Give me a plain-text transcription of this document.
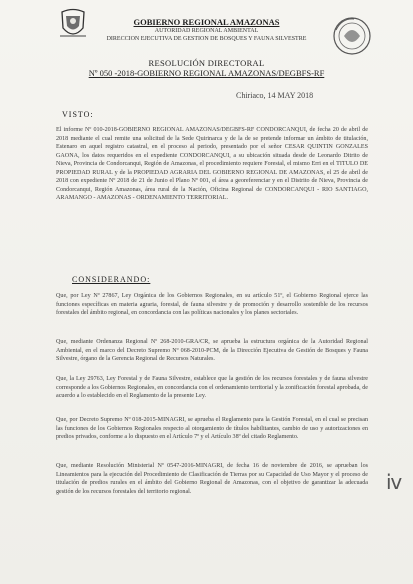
GOBIERNO REGIONAL AMAZONAS
AUTORIDAD REGIONAL AMBIENTAL
DIRECCION EJECUTIVA DE GESTION DE BOSQUES Y FAUNA SILVESTRE
RESOLUCIÓN DIRECTORAL
Nº 050 -2018-GOBIERNO REGIONAL AMAZONAS/DEGBFS-RF
Chiriaco, 14 MAY 2018
VISTO:

El informe Nº 010-2018-GOBIERNO REGIONAL AMAZONAS/DEGBFS-RF CONDORCANQUI, de fecha 20 de abril de 2018 mediante el cual remite una solicitud de la Sede Quirinarca y de la de se pretende informar un ámbito de titulación, Estenaro en aquel registro catastral, en el proceso al periodo, presentado por el señor CESAR QUINTIN GONZALES GAONA, los datos requeridos en el expediente CONDORCANQUI, a su ubicación situada desde de Leonardo Ditrito de Nieva, Provincia de Condorcanqui, Región de Amazonas, el procedimiento requiere Forestal, el mismo Erri en el TITULO DE PROPIEDAD RURAL y de la PROPIEDAD AGRARIA DEL GOBIERNO REGIONAL DE AMAZONAS, el 25 de abril de 2018 con expediente Nº 2018 de 21 de Junio el Plano Nº 001, el área a georeferenciar y en el Distrito de Nieva, Provincia de Condorcanqui, Región Amazonas, área rural de la Nación, Oficina Regional de CONDORCANQUI - RIO SANTIAGO, ARAMANGO - AMAZONAS - ORDENAMIENTO TERRITORIAL.

CONSIDERANDO:

Que, por Ley Nº 27867, Ley Orgánica de los Gobiernos Regionales, en su artículo 51º, el Gobierno Regional ejerce las funciones específicas en materia agraria, forestal, de fauna silvestre y de promoción y desarrollo sostenible de los recursos forestales del ámbito regional, en concordancia con las políticas nacionales y los planes sectoriales.

Que, mediante Ordenanza Regional Nº 268-2010-GRA/CR, se aprueba la estructura orgánica de la Autoridad Regional Ambiental, en el marco del Decreto Supremo Nº 068-2010-PCM, de la Dirección Ejecutiva de Gestión de Bosques y Fauna Silvestre, órgano de la Gerencia Regional de Recursos Naturales.

Que, la Ley 29763, Ley Forestal y de Fauna Silvestre, establece que la gestión de los recursos forestales y de fauna silvestre corresponde a los Gobiernos Regionales, en concordancia con el ordenamiento territorial y la zonificación forestal aprobada, de acuerdo a lo establecido en el Reglamento de la presente Ley.

Que, por Decreto Supremo Nº 018-2015-MINAGRI, se aprueba el Reglamento para la Gestión Forestal, en el cual se precisan las funciones de los Gobiernos Regionales respecto al otorgamiento de títulos habilitantes, cambio de uso y autorizaciones en predios privados, conforme a lo dispuesto en el Artículo 7º y el Artículo 38º del citado Reglamento.

Que, mediante Resolución Ministerial Nº 0547-2016-MINAGRI, de fecha 16 de noviembre de 2016, se aprueban los Lineamientos para la ejecución del Procedimiento de Clasificación de Tierras por su Capacidad de Uso Mayor y el proceso de titulación de predios rurales en el ámbito del Gobierno Regional de Amazonas, con el objetivo de garantizar la adecuada gestión de los recursos forestales del territorio regional.	ⅳ
